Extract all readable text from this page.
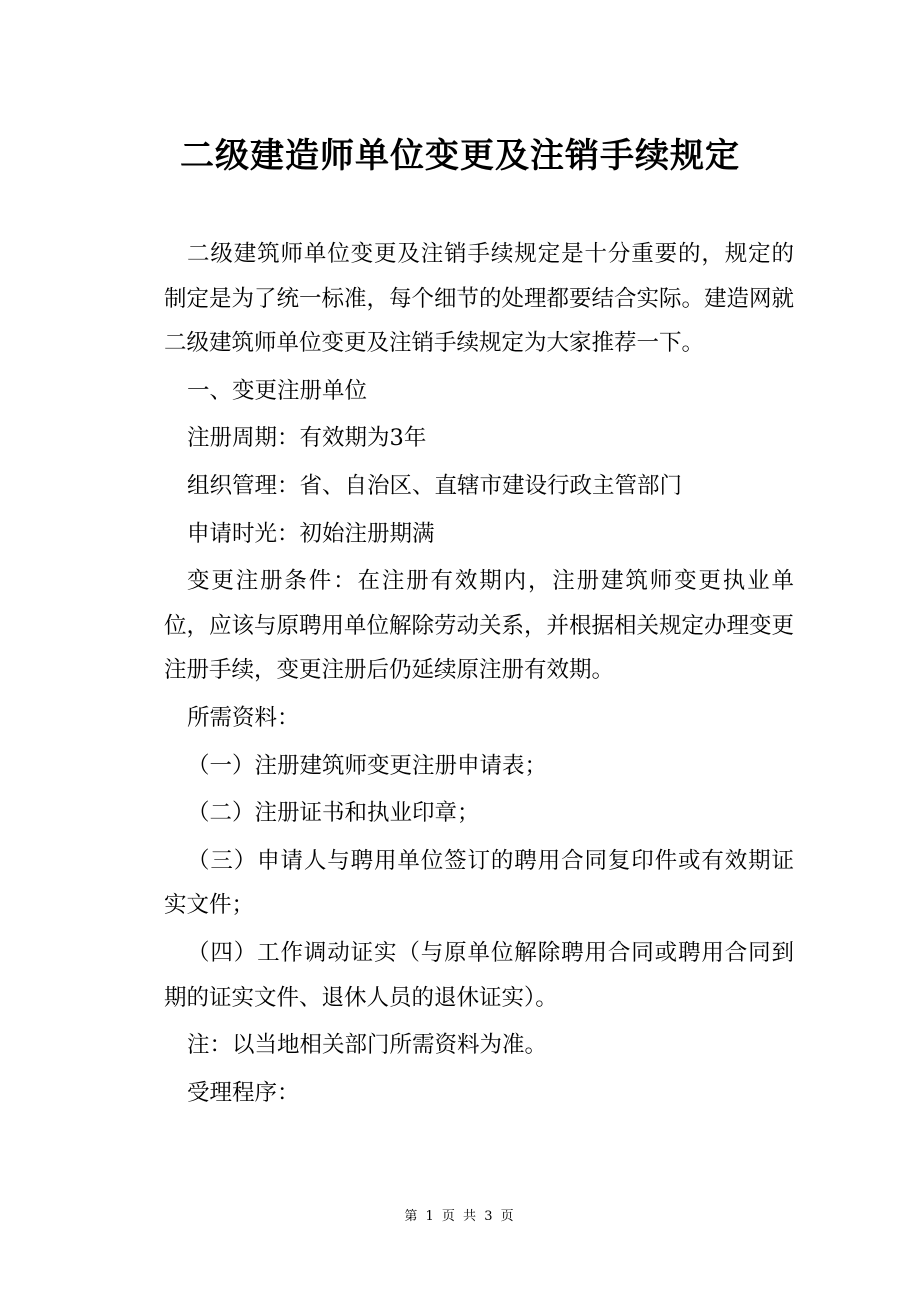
二级建造师单位变更及注销手续规定

二级建筑师单位变更及注销手续规定是十分重要的，规定的制定是为了统一标准，每个细节的处理都要结合实际。建造网就二级建筑师单位变更及注销手续规定为大家推荐一下。

一、变更注册单位

注册周期：有效期为3年

组织管理：省、自治区、直辖市建设行政主管部门

申请时光：初始注册期满

变更注册条件：在注册有效期内，注册建筑师变更执业单位，应该与原聘用单位解除劳动关系，并根据相关规定办理变更注册手续，变更注册后仍延续原注册有效期。

所需资料：

（一）注册建筑师变更注册申请表；

（二）注册证书和执业印章；

（三）申请人与聘用单位签订的聘用合同复印件或有效期证实文件；

（四）工作调动证实（与原单位解除聘用合同或聘用合同到期的证实文件、退休人员的退休证实）。

注：以当地相关部门所需资料为准。

受理程序：

第 1 页 共 3 页
